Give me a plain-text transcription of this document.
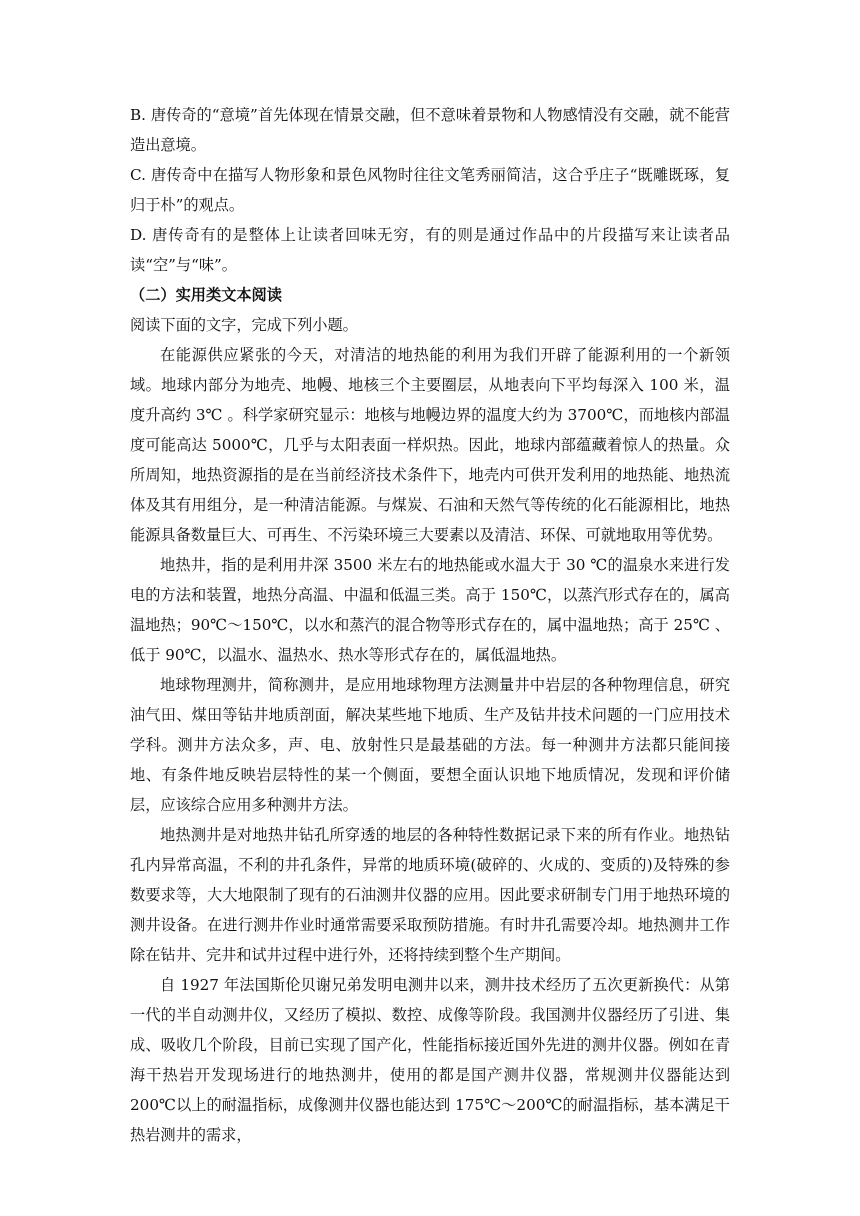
B. 唐传奇的“意境”首先体现在情景交融，但不意味着景物和人物感情没有交融，就不能营造出意境。

C. 唐传奇中在描写人物形象和景色风物时往往文笔秀丽简洁，这合乎庄子“既雕既琢，复归于朴”的观点。

D. 唐传奇有的是整体上让读者回味无穷，有的则是通过作品中的片段描写来让读者品读“空”与“味”。

（二）实用类文本阅读

阅读下面的文字，完成下列小题。

在能源供应紧张的今天，对清洁的地热能的利用为我们开辟了能源利用的一个新领域。地球内部分为地壳、地幔、地核三个主要圈层，从地表向下平均每深入 100 米，温度升高约 3℃ 。科学家研究显示：地核与地幔边界的温度大约为 3700℃，而地核内部温度可能高达 5000℃，几乎与太阳表面一样炽热。因此，地球内部蕴藏着惊人的热量。众所周知，地热资源指的是在当前经济技术条件下，地壳内可供开发利用的地热能、地热流体及其有用组分，是一种清洁能源。与煤炭、石油和天然气等传统的化石能源相比，地热能源具备数量巨大、可再生、不污染环境三大要素以及清洁、环保、可就地取用等优势。

地热井，指的是利用井深 3500 米左右的地热能或水温大于 30 ℃的温泉水来进行发电的方法和装置，地热分高温、中温和低温三类。高于 150℃，以蒸汽形式存在的，属高温地热；90℃～150℃，以水和蒸汽的混合物等形式存在的，属中温地热；高于 25℃ 、低于 90℃，以温水、温热水、热水等形式存在的，属低温地热。

地球物理测井，简称测井，是应用地球物理方法测量井中岩层的各种物理信息，研究油气田、煤田等钻井地质剖面，解决某些地下地质、生产及钻井技术问题的一门应用技术学科。测井方法众多，声、电、放射性只是最基础的方法。每一种测井方法都只能间接地、有条件地反映岩层特性的某一个侧面，要想全面认识地下地质情况，发现和评价储层，应该综合应用多种测井方法。

地热测井是对地热井钻孔所穿透的地层的各种特性数据记录下来的所有作业。地热钻孔内异常高温，不利的井孔条件，异常的地质环境(破碎的、火成的、变质的)及特殊的参数要求等，大大地限制了现有的石油测井仪器的应用。因此要求研制专门用于地热环境的测井设备。在进行测井作业时通常需要采取预防措施。有时井孔需要冷却。地热测井工作除在钻井、完井和试井过程中进行外，还将持续到整个生产期间。

自 1927 年法国斯伦贝谢兄弟发明电测井以来，测井技术经历了五次更新换代：从第一代的半自动测井仪，又经历了模拟、数控、成像等阶段。我国测井仪器经历了引进、集成、吸收几个阶段，目前已实现了国产化，性能指标接近国外先进的测井仪器。例如在青海干热岩开发现场进行的地热测井，使用的都是国产测井仪器，常规测井仪器能达到 200℃以上的耐温指标，成像测井仪器也能达到 175℃～200℃的耐温指标，基本满足干热岩测井的需求，
